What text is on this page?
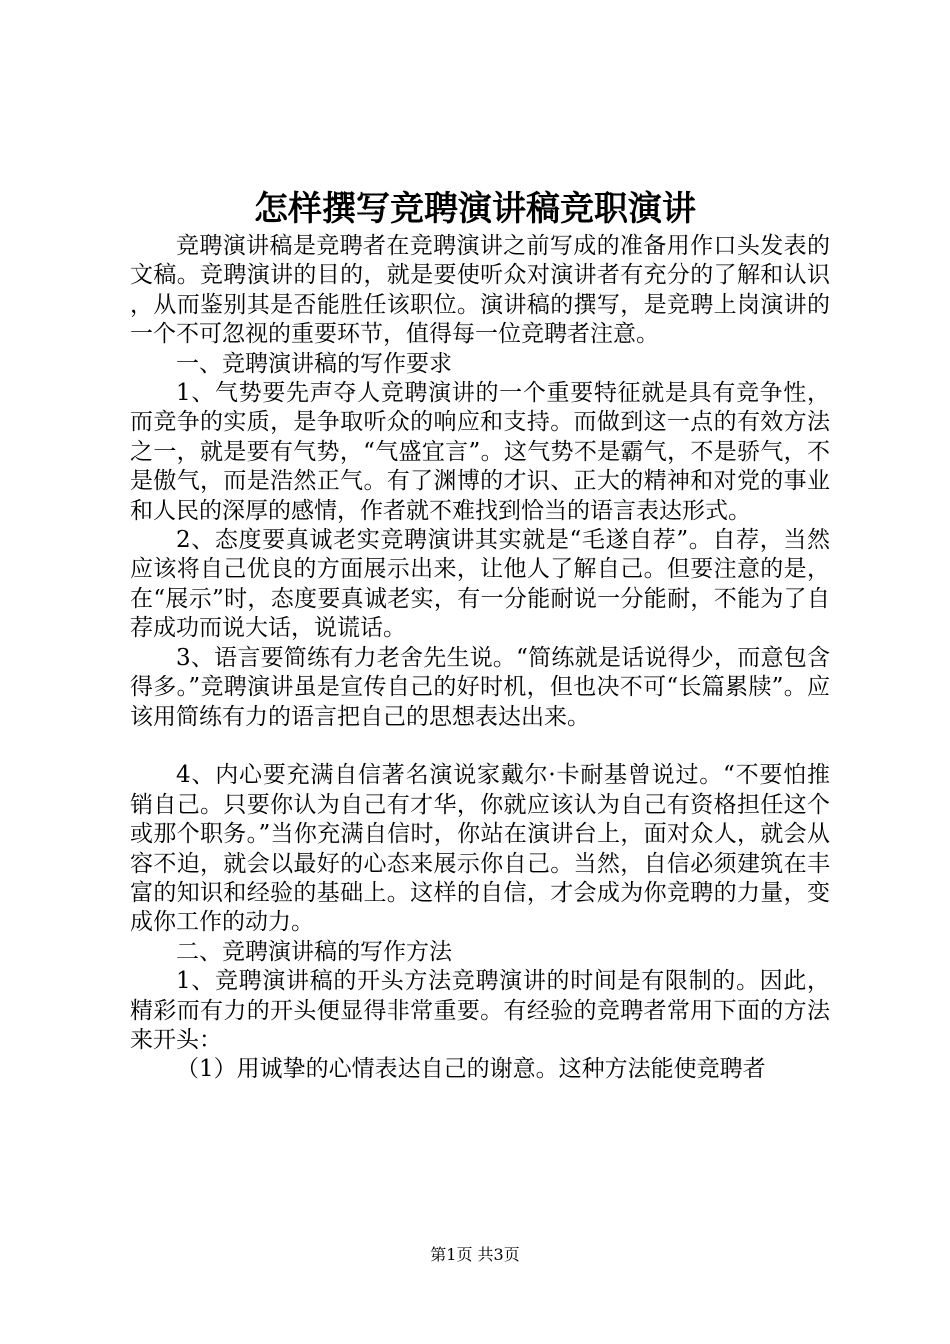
怎样撰写竞聘演讲稿竞职演讲

竞聘演讲稿是竞聘者在竞聘演讲之前写成的准备用作口头发表的文稿。竞聘演讲的目的，就是要使听众对演讲者有充分的了解和认识，从而鉴别其是否能胜任该职位。演讲稿的撰写，是竞聘上岗演讲的一个不可忽视的重要环节，值得每一位竞聘者注意。

一、竞聘演讲稿的写作要求

1、气势要先声夺人竞聘演讲的一个重要特征就是具有竞争性，而竞争的实质，是争取听众的响应和支持。而做到这一点的有效方法之一，就是要有气势，“气盛宜言”。这气势不是霸气，不是骄气，不是傲气，而是浩然正气。有了渊博的才识、正大的精神和对党的事业和人民的深厚的感情，作者就不难找到恰当的语言表达形式。

2、态度要真诚老实竞聘演讲其实就是“毛遂自荐”。自荐，当然应该将自己优良的方面展示出来，让他人了解自己。但要注意的是，在“展示”时，态度要真诚老实，有一分能耐说一分能耐，不能为了自荐成功而说大话，说谎话。

3、语言要简练有力老舍先生说。“简练就是话说得少，而意包含得多。”竞聘演讲虽是宣传自己的好时机，但也决不可“长篇累牍”。应该用简练有力的语言把自己的思想表达出来。

4、内心要充满自信著名演说家戴尔·卡耐基曾说过。“不要怕推销自己。只要你认为自己有才华，你就应该认为自己有资格担任这个或那个职务。”当你充满自信时，你站在演讲台上，面对众人，就会从容不迫，就会以最好的心态来展示你自己。当然，自信必须建筑在丰富的知识和经验的基础上。这样的自信，才会成为你竞聘的力量，变成你工作的动力。

二、竞聘演讲稿的写作方法

1、竞聘演讲稿的开头方法竞聘演讲的时间是有限制的。因此，精彩而有力的开头便显得非常重要。有经验的竞聘者常用下面的方法来开头：

（1）用诚挚的心情表达自己的谢意。这种方法能使竞聘者

第1页 共3页
